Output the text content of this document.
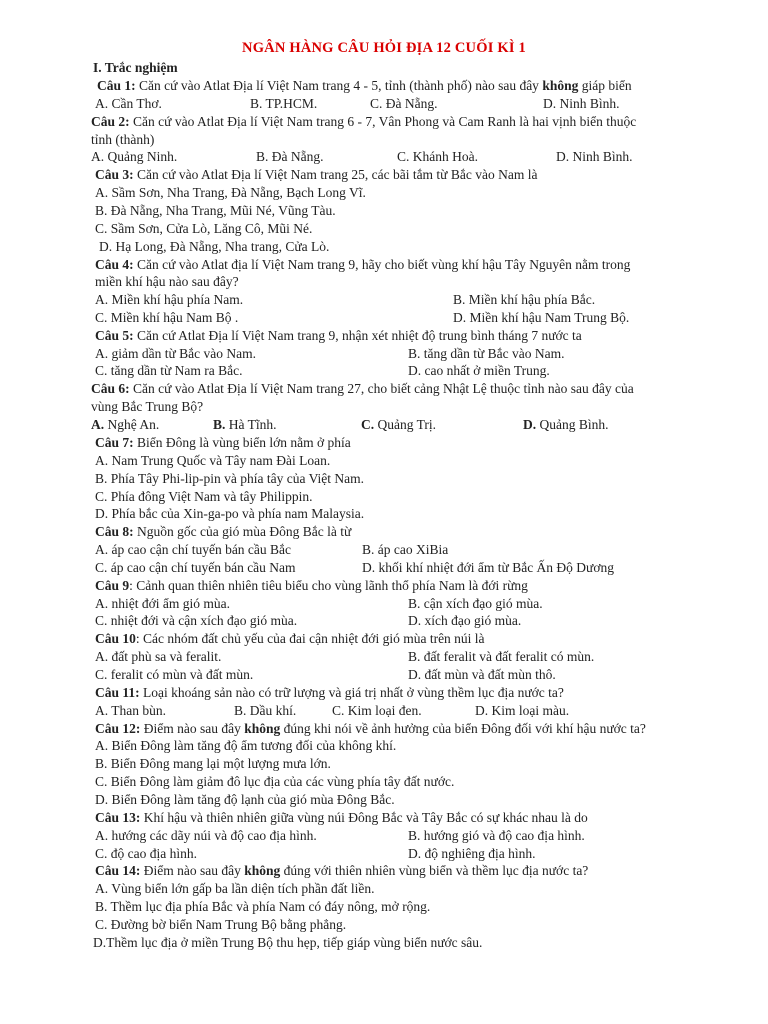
NGÂN HÀNG CÂU HỎI ĐỊA 12 CUỐI KÌ 1
I. Trắc nghiệm
Câu 1: Căn cứ vào Atlat Địa lí Việt Nam trang 4 - 5, tỉnh (thành phố) nào sau đây không giáp biển
A. Cần Thơ.	B. TP.HCM.	C. Đà Nẵng.	D. Ninh Bình.
Câu 2: Căn cứ vào Atlat Địa lí Việt Nam trang 6 - 7, Vân Phong và Cam Ranh là hai vịnh biển thuộc
tỉnh (thành)
A. Quảng Ninh.	B. Đà Nẵng.	C. Khánh Hoà.	D. Ninh Bình.
Câu 3: Căn cứ vào Atlat Địa lí Việt Nam trang 25, các bãi tắm từ Bắc vào Nam là
A. Sầm Sơn, Nha Trang, Đà Nẵng, Bạch Long Vĩ.
B. Đà Nẵng, Nha Trang, Mũi Né, Vũng Tàu.
C. Sầm Sơn, Cửa Lò, Lăng Cô, Mũi Né.
D. Hạ Long, Đà Nẵng, Nha trang, Cửa Lò.
Câu 4: Căn cứ vào Atlat địa lí Việt Nam trang 9, hãy cho biết vùng khí hậu Tây Nguyên nằm trong
miền khí hậu nào sau đây?
A. Miền khí hậu phía Nam.	B. Miền khí hậu phía Bắc.
C. Miền khí hậu Nam Bộ .	D. Miền khí hậu Nam Trung Bộ.
Câu 5: Căn cứ Atlat Địa lí Việt Nam trang 9, nhận xét nhiệt độ trung bình tháng 7 nước ta
A. giảm dần từ Bắc vào Nam.	B. tăng dần từ Bắc vào Nam.
C. tăng dần từ Nam ra Bắc.	D. cao nhất ở miền Trung.
Câu 6: Căn cứ vào Atlat Địa lí Việt Nam trang 27, cho biết cảng Nhật Lệ thuộc tỉnh nào sau đây của
vùng Bắc Trung Bộ?
A. Nghệ An.	B. Hà Tĩnh.	C. Quảng Trị.	D. Quảng Bình.
Câu 7: Biển Đông là vùng biển lớn nằm ở phía
A. Nam Trung Quốc và Tây nam Đài Loan.
B. Phía Tây Phi-lip-pin và phía tây của Việt Nam.
C. Phía đông Việt Nam và tây Philippin.
D. Phía bắc của Xin-ga-po và phía nam Malaysia.
Câu 8: Nguồn gốc của gió mùa Đông Bắc là từ
A. áp cao cận chí tuyến bán cầu Bắc	B. áp cao XiBia
C. áp cao cận chí tuyến bán cầu Nam	D. khối khí nhiệt đới ẩm từ Bắc Ấn Độ Dương
Câu 9: Cảnh quan thiên nhiên tiêu biểu cho vùng lãnh thổ phía Nam là đới rừng
A. nhiệt đới ẩm gió mùa.	B. cận xích đạo gió mùa.
C. nhiệt đới và cận xích đạo gió mùa.	D. xích đạo gió mùa.
Câu 10: Các nhóm đất chủ yếu của đai cận nhiệt đới gió mùa trên núi là
A. đất phù sa và feralit.	B. đất feralit và đất feralit có mùn.
C. feralit có mùn và đất mùn.	D. đất mùn và đất mùn thô.
Câu 11: Loại khoáng sản nào có trữ lượng và giá trị nhất ở vùng thềm lục địa nước ta?
A. Than bùn.	B. Dầu khí.	C. Kim loại đen.	D. Kim loại màu.
Câu 12: Điểm nào sau đây không đúng khi nói về ảnh hưởng của biển Đông đối với khí hậu nước ta?
A. Biển Đông làm tăng độ ẩm tương đối của không khí.
B. Biển Đông mang lại một lượng mưa lớn.
C. Biển Đông làm giảm đô lục địa của các vùng phía tây đất nước.
D. Biển Đông làm tăng độ lạnh của gió mùa Đông Bắc.
Câu 13: Khí hậu và thiên nhiên giữa vùng núi Đông Bắc và Tây Bắc có sự khác nhau là do
A. hướng các dãy núi và độ cao địa hình.	B. hướng gió và độ cao địa hình.
C. độ cao địa hình.	D. độ nghiêng địa hình.
Câu 14: Điểm nào sau đây không đúng với thiên nhiên vùng biển và thềm lục địa nước ta?
A. Vùng biển lớn gấp ba lần diện tích phần đất liền.
B. Thềm lục địa phía Bắc và phía Nam có đáy nông, mở rộng.
C. Đường bờ biển Nam Trung Bộ bằng phẳng.
D.Thềm lục địa ở miền Trung Bộ thu hẹp, tiếp giáp vùng biển nước sâu.
